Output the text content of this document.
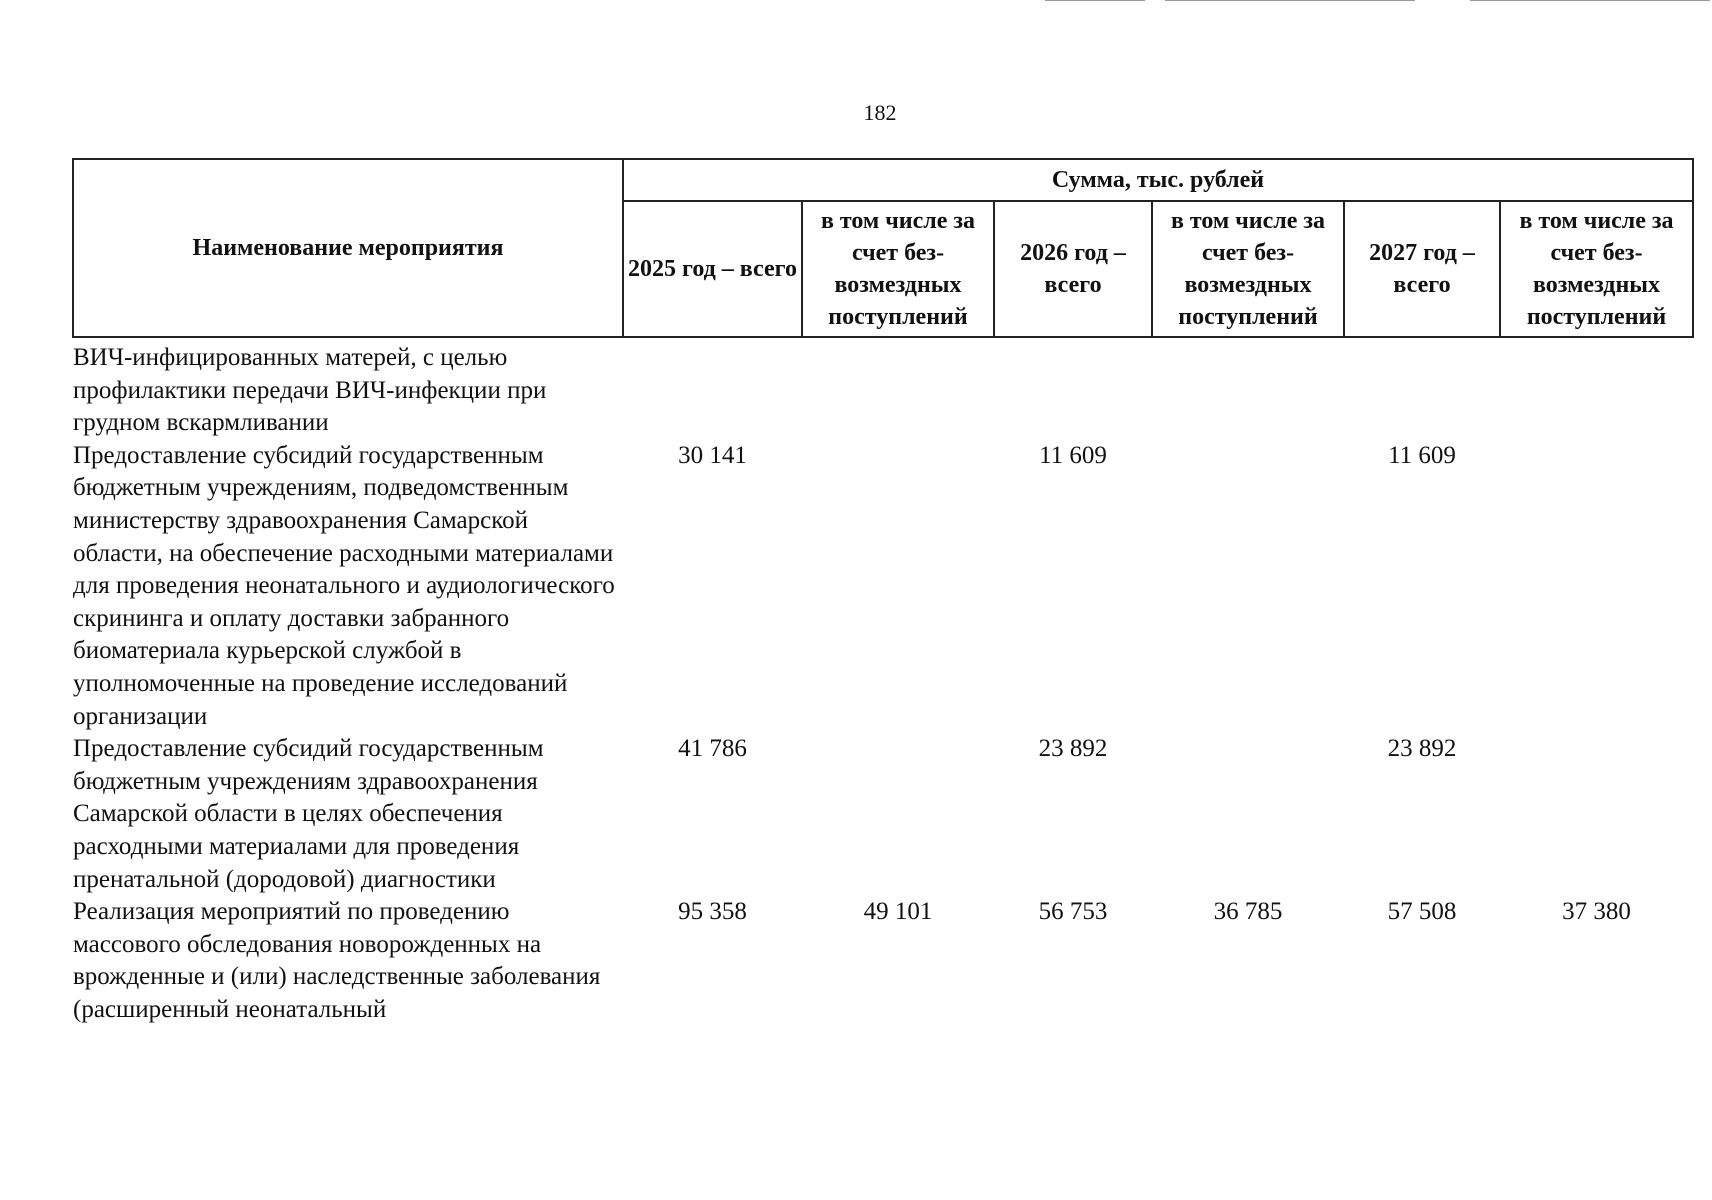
182
Наименование мероприятия	Сумма, тыс. рублей					
	2025 год – всего	в том числе за счет без-возмездных поступлений	2026 год – всего	в том числе за счет без-возмездных поступлений	2027 год – всего	в том числе за счет без-возмездных поступлений
ВИЧ-инфицированных матерей, с целью профилактики передачи ВИЧ-инфекции при грудном вскармливании						
Предоставление субсидий государственным бюджетным учреждениям, подведомственным министерству здравоохранения Самарской области, на обеспечение расходными материалами для проведения неонатального и аудиологического скрининга и оплату доставки забранного биоматериала курьерской службой в уполномоченные на проведение исследований организации	30 141		11 609		11 609	
Предоставление субсидий государственным бюджетным учреждениям здравоохранения Самарской области в целях обеспечения расходными материалами для проведения пренатальной (дородовой) диагностики	41 786		23 892		23 892	
Реализация мероприятий по проведению массового обследования новорожденных на врожденные и (или) наследственные заболевания (расширенный неонатальный	95 358	49 101	56 753	36 785	57 508	37 380
